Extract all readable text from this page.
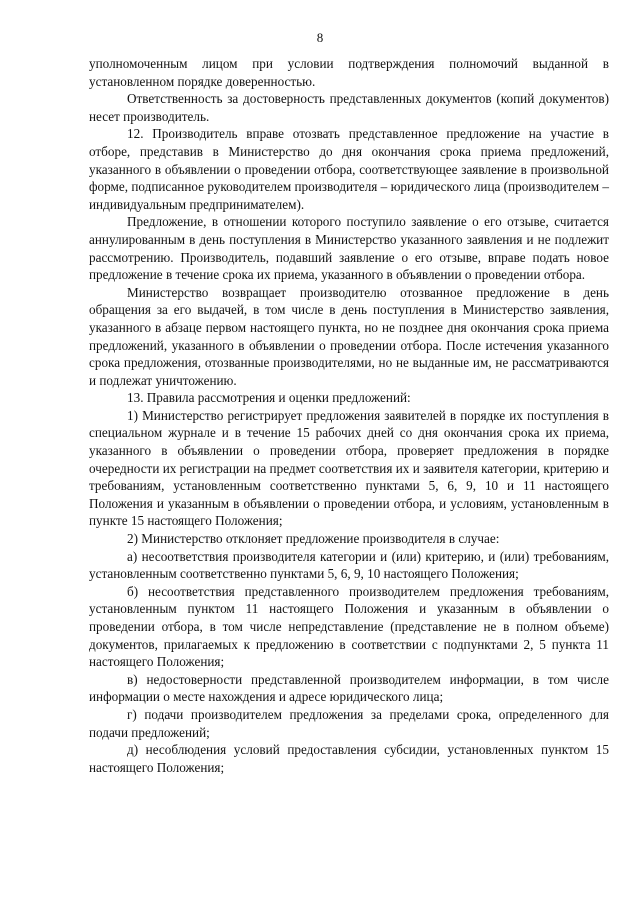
8

уполномоченным лицом при условии подтверждения полномочий выданной в установленном порядке доверенностью.

Ответственность за достоверность представленных документов (копий документов) несет производитель.

12. Производитель вправе отозвать представленное предложение на участие в отборе, представив в Министерство до дня окончания срока приема предложений, указанного в объявлении о проведении отбора, соответствующее заявление в произвольной форме, подписанное руководителем производителя – юридического лица (производителем – индивидуальным предпринимателем).

Предложение, в отношении которого поступило заявление о его отзыве, считается аннулированным в день поступления в Министерство указанного заявления и не подлежит рассмотрению. Производитель, подавший заявление о его отзыве, вправе подать новое предложение в течение срока их приема, указанного в объявлении о проведении отбора.

Министерство возвращает производителю отозванное предложение в день обращения за его выдачей, в том числе в день поступления в Министерство заявления, указанного в абзаце первом настоящего пункта, но не позднее дня окончания срока приема предложений, указанного в объявлении о проведении отбора. После истечения указанного срока предложения, отозванные производителями, но не выданные им, не рассматриваются и подлежат уничтожению.

13. Правила рассмотрения и оценки предложений:

1) Министерство регистрирует предложения заявителей в порядке их поступления в специальном журнале и в течение 15 рабочих дней со дня окончания срока их приема, указанного в объявлении о проведении отбора, проверяет предложения в порядке очередности их регистрации на предмет соответствия их и заявителя категории, критерию и требованиям, установленным соответственно пунктами 5, 6, 9, 10 и 11 настоящего Положения и указанным в объявлении о проведении отбора, и условиям, установленным в пункте 15 настоящего Положения;

2) Министерство отклоняет предложение производителя в случае:

а) несоответствия производителя категории и (или) критерию, и (или) требованиям, установленным соответственно пунктами 5, 6, 9, 10 настоящего Положения;

б) несоответствия представленного производителем предложения требованиям, установленным пунктом 11 настоящего Положения и указанным в объявлении о проведении отбора, в том числе непредставление (представление не в полном объеме) документов, прилагаемых к предложению в соответствии с подпунктами 2, 5 пункта 11 настоящего Положения;

в) недостоверности представленной производителем информации, в том числе информации о месте нахождения и адресе юридического лица;

г) подачи производителем предложения за пределами срока, определенного для подачи предложений;

д) несоблюдения условий предоставления субсидии, установленных пунктом 15 настоящего Положения;
